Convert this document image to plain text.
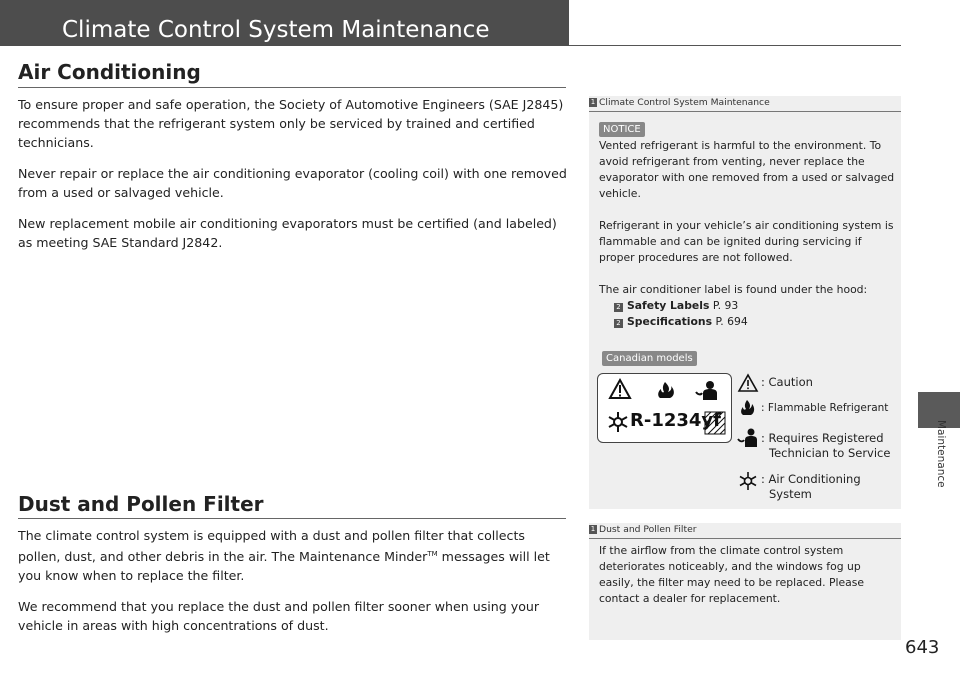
Climate Control System Maintenance
Air Conditioning

To ensure proper and safe operation, the Society of Automotive Engineers (SAE J2845) recommends that the refrigerant system only be serviced by trained and certified technicians.

Never repair or replace the air conditioning evaporator (cooling coil) with one removed from a used or salvaged vehicle.

New replacement mobile air conditioning evaporators must be certified (and labeled) as meeting SAE Standard J2842.

Dust and Pollen Filter

The climate control system is equipped with a dust and pollen filter that collects pollen, dust, and other debris in the air. The Maintenance Minder™ messages will let you know when to replace the filter.

We recommend that you replace the dust and pollen filter sooner when using your vehicle in areas with high concentrations of dust.

1 Climate Control System Maintenance
NOTICE

Vented refrigerant is harmful to the environment. To avoid refrigerant from venting, never replace the evaporator with one removed from a used or salvaged vehicle.

Refrigerant in your vehicle’s air conditioning system is flammable and can be ignited during servicing if proper procedures are not followed.

The air conditioner label is found under the hood:
2 Safety Labels P. 93
2 Specifications P. 694
Canadian models
R-1234yf
: Caution
: Flammable Refrigerant
: Requires Registered
Technician to Service
: Air Conditioning
System
1 Dust and Pollen Filter
If the airflow from the climate control system deteriorates noticeably, and the windows fog up easily, the filter may need to be replaced. Please contact a dealer for replacement.
Maintenance
643
